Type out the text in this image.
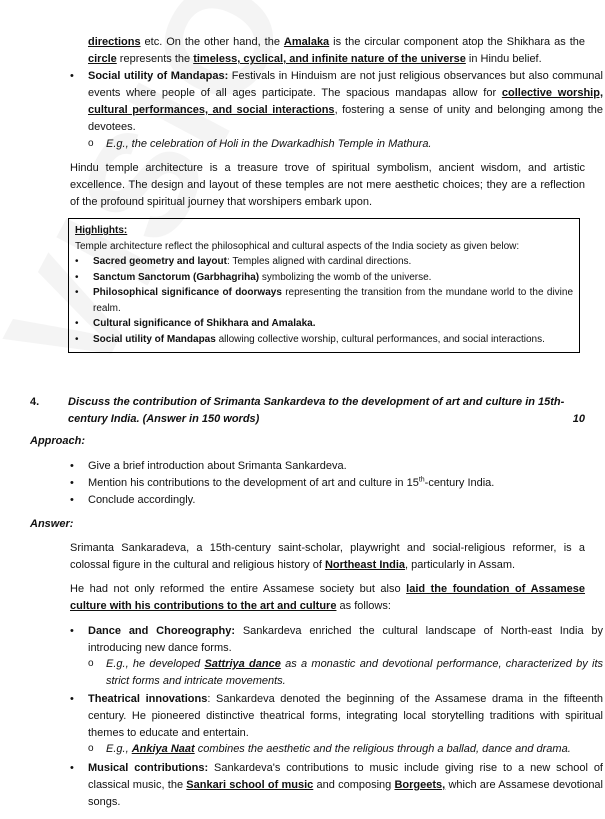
directions etc. On the other hand, the Amalaka is the circular component atop the Shikhara as the circle represents the timeless, cyclical, and infinite nature of the universe in Hindu belief.

• Social utility of Mandapas: Festivals in Hinduism are not just religious observances but also communal events where people of all ages participate. The spacious mandapas allow for collective worship, cultural performances, and social interactions, fostering a sense of unity and belonging among the devotees.
o E.g., the celebration of Holi in the Dwarkadhish Temple in Mathura.

Hindu temple architecture is a treasure trove of spiritual symbolism, ancient wisdom, and artistic excellence. The design and layout of these temples are not mere aesthetic choices; they are a reflection of the profound spiritual journey that worshipers embark upon.

Highlights:
Temple architecture reflect the philosophical and cultural aspects of the India society as given below:
• Sacred geometry and layout: Temples aligned with cardinal directions.
• Sanctum Sanctorum (Garbhagriha) symbolizing the womb of the universe.
• Philosophical significance of doorways representing the transition from the mundane world to the divine realm.
• Cultural significance of Shikhara and Amalaka.
• Social utility of Mandapas allowing collective worship, cultural performances, and social interactions.
4.	Discuss the contribution of Srimanta Sankardeva to the development of art and culture in 15th-century India. (Answer in 150 words)	10
Approach:
• Give a brief introduction about Srimanta Sankardeva.
• Mention his contributions to the development of art and culture in 15th-century India.
• Conclude accordingly.
Answer:

Srimanta Sankaradeva, a 15th-century saint-scholar, playwright and social-religious reformer, is a colossal figure in the cultural and religious history of Northeast India, particularly in Assam.

He had not only reformed the entire Assamese society but also laid the foundation of Assamese culture with his contributions to the art and culture as follows:

• Dance and Choreography: Sankardeva enriched the cultural landscape of North-east India by introducing new dance forms.
o E.g., he developed Sattriya dance as a monastic and devotional performance, characterized by its strict forms and intricate movements.
• Theatrical innovations: Sankardeva denoted the beginning of the Assamese drama in the fifteenth century. He pioneered distinctive theatrical forms, integrating local storytelling traditions with spiritual themes to educate and entertain.
o E.g., Ankiya Naat combines the aesthetic and the religious through a ballad, dance and drama.
• Musical contributions: Sankardeva's contributions to music include giving rise to a new school of classical music, the Sankari school of music and composing Borgeets, which are Assamese devotional songs.
